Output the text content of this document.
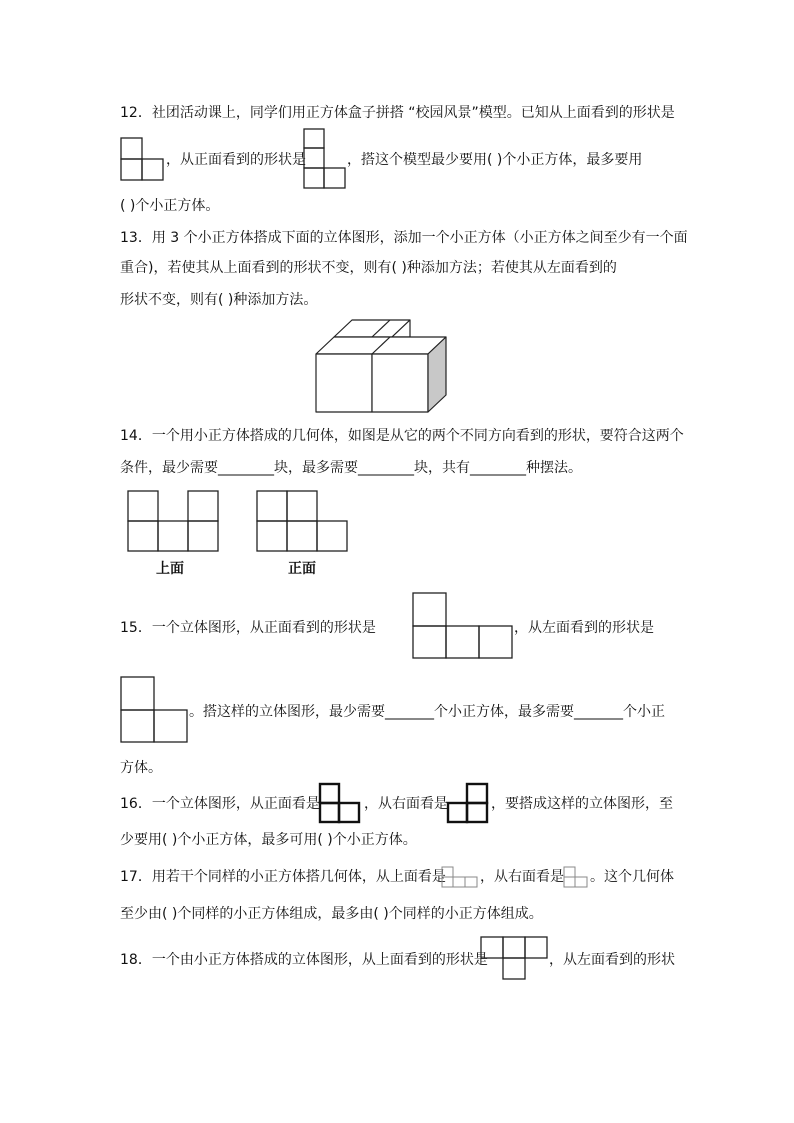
12．社团活动课上，同学们用正方体盒子拼搭 “校园风景”模型。已知从上面看到的形状是
，从正面看到的形状是	，搭这个模型最少要用( )个小正方体，最多要用
( )个小正方体。
13．用 3 个小正方体搭成下面的立体图形，添加一个小正方体（小正方体之间至少有一个面
重合)，若使其从上面看到的形状不变，则有( )种添加方法；若使其从左面看到的
形状不变，则有( )种添加方法。
14．一个用小正方体搭成的几何体，如图是从它的两个不同方向看到的形状，要符合这两个
条件，最少需要________块，最多需要________块，共有________种摆法。
上面	正面
15．一个立体图形，从正面看到的形状是	，从左面看到的形状是
。搭这样的立体图形，最少需要_______个小正方体，最多需要_______个小正
方体。
16．一个立体图形，从正面看是	，从右面看是	，要搭成这样的立体图形，至
少要用( )个小正方体，最多可用( )个小正方体。
17．用若干个同样的小正方体搭几何体，从上面看是 ，从右面看是 。这个几何体
至少由( )个同样的小正方体组成，最多由( )个同样的小正方体组成。
18．一个由小正方体搭成的立体图形，从上面看到的形状是	，从左面看到的形状
